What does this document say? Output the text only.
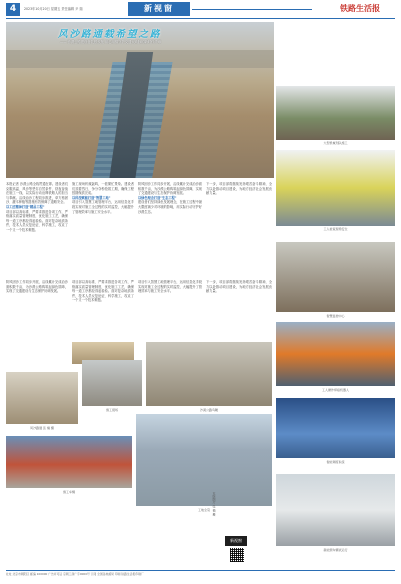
4	2023年10月20日 星期五 责任编辑 尹 瑞	新视窗	铁路生活报
风沙路通载希望之路
—— 沙漠公路建设者扎根戈壁 用心用情守护交通大动脉的新时代华章
本报记者 沙漠公路全线贯通在即。建设者们克服高温、风沙等恶劣自然条件，昼夜奋战在施工一线，以实际行动诠释铁路人的担当与奉献。沿线治沙工程同步推进，草方格固沙、灌木种植等措施有效保障了道路安全。
以工匠精神打造"精品工程"
项目部以高标准、严要求推进各项工作，严格落实质量管理制度，优化施工工艺，确保每一道工序都经得起检验。面对复杂地质条件，技术人员反复论证、科学施工，攻克了一个又一个技术难题。
施工现场机械轰鸣，一派繁忙景象。建设者们顶着烈日，争分夺秒抢抓工期，确保工程按期保质完成。
以科技赋能打造"智慧工地"
项目引入智慧工地管理平台，运用信息化手段实现对施工全过程的实时监控，大幅提升了管理效率与施工安全水平。
防风固沙工作同步开展，沿线累计完成治沙面积数千亩，为沙漠公路构筑起绿色屏障，实现了交通建设与生态保护协调发展。
以绿色理念打造"生态工程"
建设者们坚持绿色发展理念，在施工过程中最大限度减少对环境的影响，用实际行动守护好沙漠生态。
下一步，项目部将继续发扬艰苦奋斗精神，全力以赴推动项目建设，为地方经济社会发展贡献力量。
防风固沙工作同步开展，沿线累计完成治沙面积数千亩，为沙漠公路构筑起绿色屏障，实现了交通建设与生态保护协调发展。
项目部以高标准、严要求推进各项工作，严格落实质量管理制度，优化施工工艺，确保每一道工序都经得起检验。面对复杂地质条件，技术人员反复论证、科学施工，攻克了一个又一个技术难题。
项目引入智慧工地管理平台，运用信息化手段实现对施工全过程的实时监控，大幅提升了管理效率与施工安全水平。
下一步，项目部将继续发扬艰苦奋斗精神，全力以赴推动项目建设，为地方经济社会发展贡献力量。
风沙路通 张 楠 摄
施工现场	沙漠公路鸟瞰
施工车辆
工地全景 本版图片 张 楠 摄
新视窗
大型机械列队施工
工人检查现场安全
智慧监控中心
工人操作焊接机器人
智能调度系统
新能源车辆试运行
社址 北京市朝阳区 邮编 100000 广告许可证 京朝工商广字0000号 订阅 全国各地邮局 印刷 铁路生活报印刷厂
